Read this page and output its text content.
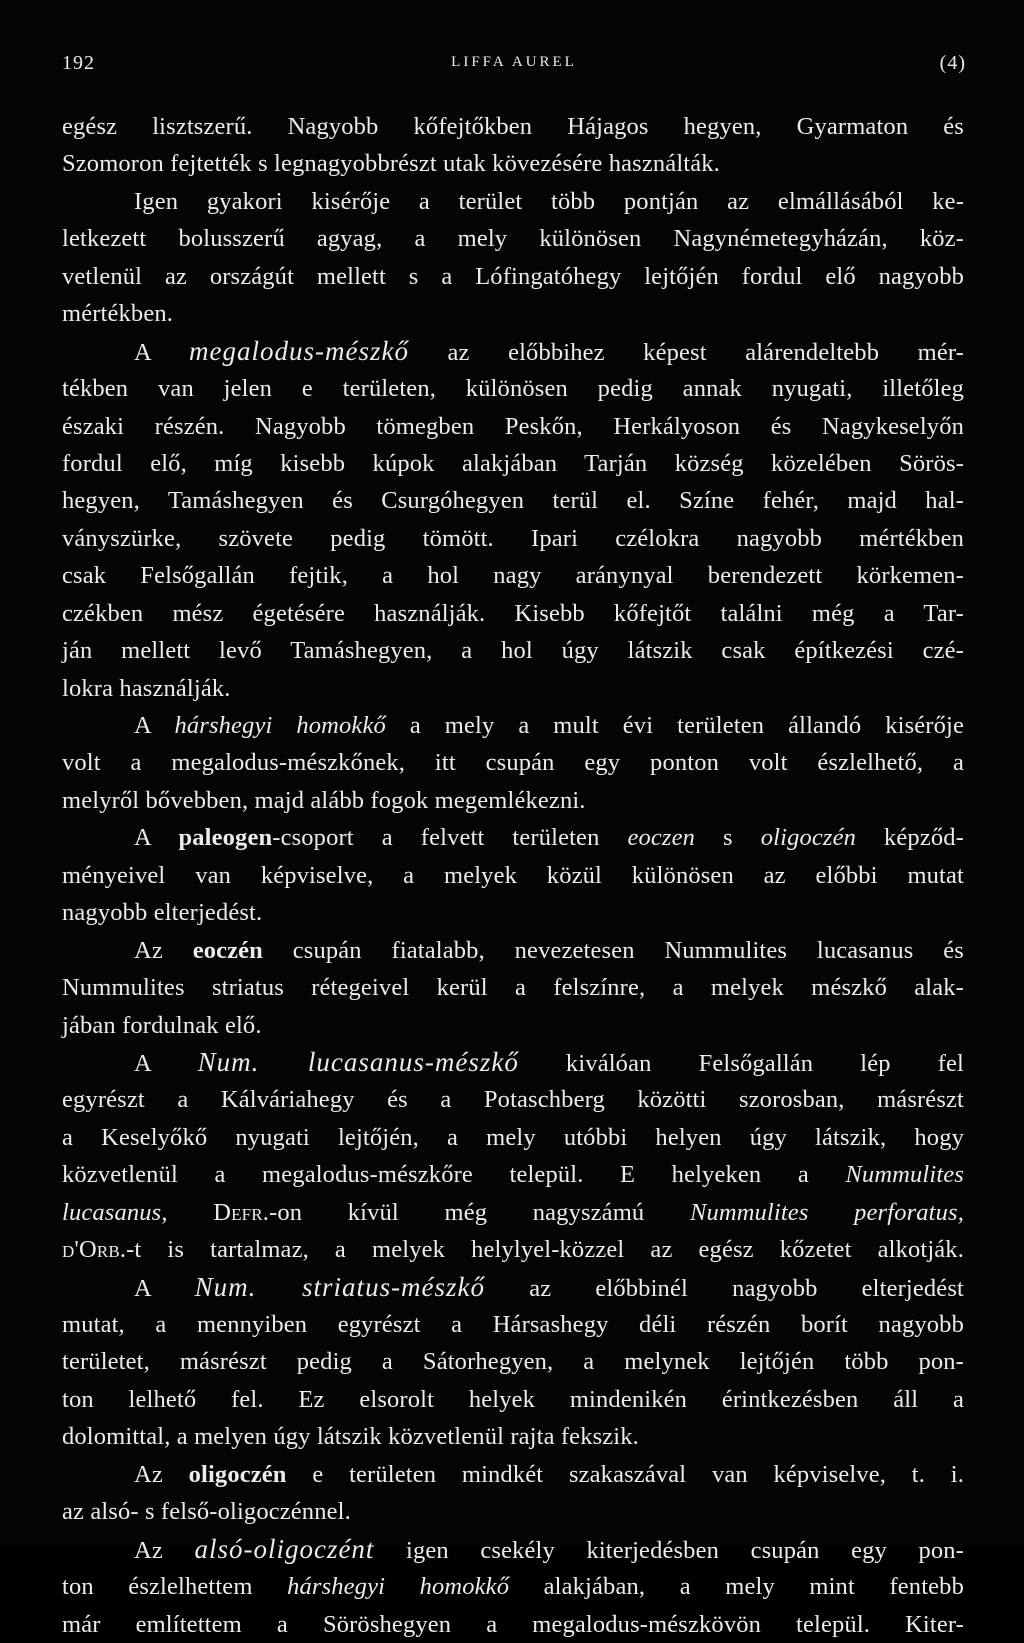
192	LIFFA AUREL	(4)
egész lisztszerű. Nagyobb kőfejtőkben Hájagos hegyen, Gyarmaton és
Szomoron fejtették s legnagyobbrészt utak kövezésére használták.
Igen gyakori kisérője a terület több pontján az elmállásából ke-
letkezett bolusszerű agyag, a mely különösen Nagynémetegyházán, köz-
vetlenül az országút mellett s a Lófingatóhegy lejtőjén fordul elő nagyobb
mértékben.
A megalodus-mészkő az előbbihez képest alárendeltebb mér-
tékben van jelen e területen, különösen pedig annak nyugati, illetőleg
északi részén. Nagyobb tömegben Peskőn, Herkályoson és Nagykeselyőn
fordul elő, míg kisebb kúpok alakjában Tarján község közelében Sörös-
hegyen, Tamáshegyen és Csurgóhegyen terül el. Színe fehér, majd hal-
ványszürke, szövete pedig tömött. Ipari czélokra nagyobb mértékben
csak Felsőgallán fejtik, a hol nagy aránynyal berendezett körkemen-
czékben mész égetésére használják. Kisebb kőfejtőt találni még a Tar-
ján mellett levő Tamáshegyen, a hol úgy látszik csak építkezési czé-
lokra használják.
A hárshegyi homokkő a mely a mult évi területen állandó kisérője
volt a megalodus-mészkőnek, itt csupán egy ponton volt észlelhető, a
melyről bővebben, majd alább fogok megemlékezni.
A paleogen-csoport a felvett területen eoczen s oligoczén képződ-
ményeivel van képviselve, a melyek közül különösen az előbbi mutat
nagyobb elterjedést.
Az eoczén csupán fiatalabb, nevezetesen Nummulites lucasanus és
Nummulites striatus rétegeivel kerül a felszínre, a melyek mészkő alak-
jában fordulnak elő.
A Num. lucasanus-mészkő kiválóan Felsőgallán lép fel
egyrészt a Kálváriahegy és a Potaschberg közötti szorosban, másrészt
a Keselyőkő nyugati lejtőjén, a mely utóbbi helyen úgy látszik, hogy
közvetlenül a megalodus-mészkőre települ. E helyeken a Nummulites
lucasanus, Defr.-on kívül még nagyszámú Nummulites perforatus,
d'Orb.-t is tartalmaz, a melyek helylyel-közzel az egész kőzetet alkotják.
A Num. striatus-mészkő az előbbinél nagyobb elterjedést
mutat, a mennyiben egyrészt a Hársashegy déli részén borít nagyobb
területet, másrészt pedig a Sátorhegyen, a melynek lejtőjén több pon-
ton lelhető fel. Ez elsorolt helyek mindenikén érintkezésben áll a
dolomittal, a melyen úgy látszik közvetlenül rajta fekszik.
Az oligoczén e területen mindkét szakaszával van képviselve, t. i.
az alsó- s felső-oligoczénnel.
Az alsó-oligoczént igen csekély kiterjedésben csupán egy pon-
ton észlelhettem hárshegyi homokkő alakjában, a mely mint fentebb
már említettem a Söröshegyen a megalodus-mészkövön települ. Kiter-
